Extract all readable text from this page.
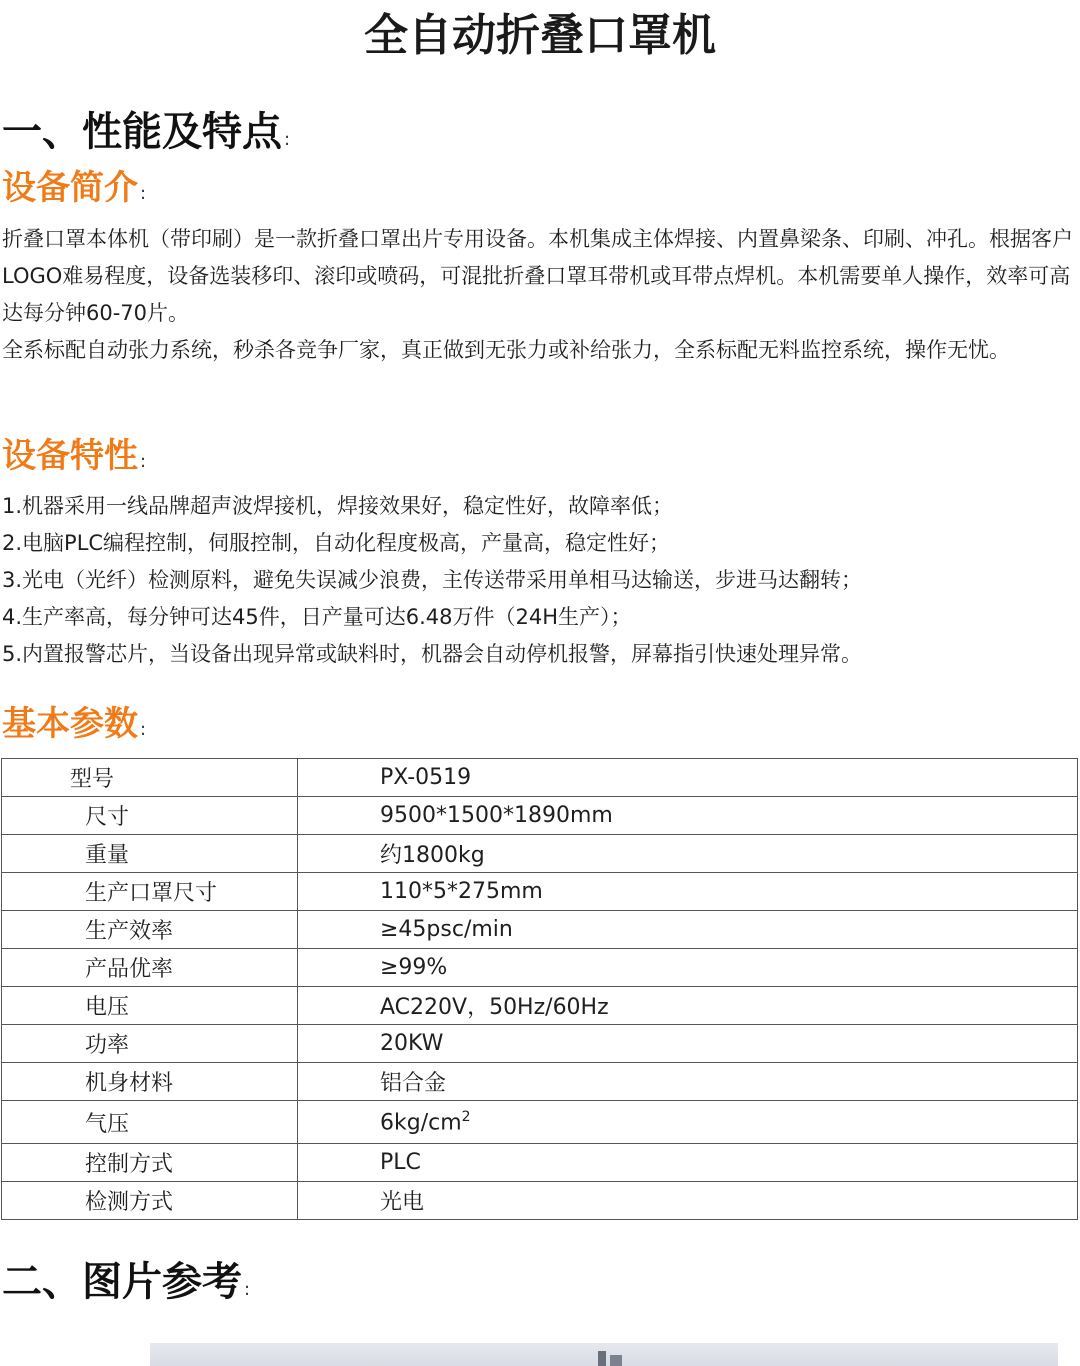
全自动折叠口罩机
一、性能及特点 :
设备简介 :

折叠口罩本体机（带印刷）是一款折叠口罩出片专用设备。本机集成主体焊接、内置鼻梁条、印刷、冲孔。根据客户LOGO难易程度，设备选装移印、滚印或喷码，可混批折叠口罩耳带机或耳带点焊机。本机需要单人操作，效率可高达每分钟60-70片。

全系标配自动张力系统，秒杀各竞争厂家，真正做到无张力或补给张力，全系标配无料监控系统，操作无忧。

设备特性 :
1.机器采用一线品牌超声波焊接机，焊接效果好，稳定性好，故障率低；
2.电脑PLC编程控制，伺服控制，自动化程度极高，产量高，稳定性好；
3.光电（光纤）检测原料，避免失误减少浪费，主传送带采用单相马达输送，步进马达翻转；
4.生产率高，每分钟可达45件，日产量可达6.48万件（24H生产）；
5.内置报警芯片，当设备出现异常或缺料时，机器会自动停机报警，屏幕指引快速处理异常。
基本参数 :
型号	PX-0519
尺寸	9500*1500*1890mm
重量	约1800kg
生产口罩尺寸	110*5*275mm
生产效率	≥45psc/min
产品优率	≥99%
电压	AC220V，50Hz/60Hz
功率	20KW
机身材料	铝合金
气压	$6kg/cm^2$
控制方式	PLC
检测方式	光电
二、图片参考 :
